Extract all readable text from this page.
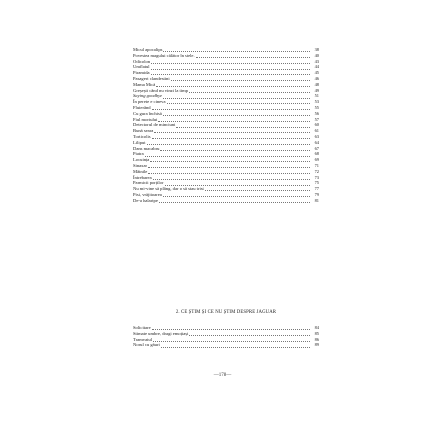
Micul apocalips	38
Povestea magului călător în stele.	40
Odicolon	43
Umflatul	44
Piramida	45
Pasageri clandestini	46
Mama Mică	48
Greșești când nu vinzi la timp	49
Saying goodbye	51
În perete e cineva	53
Fluierând	55
Cu gura închisă	56
Fiul mortului	57
Detectorul de minciuni	60
Bună seara	61
Torticolis	63
Liliput	64
Dans macabru	67
Piatra	68
Locuința	69
Sinaxar	71
Mâinile	72
Întrebarea	73
Parmicii porților	75
Nu mi-vine să plâng, dar o să stau trist	77
Pisi, vrăjitoarea	79
De-a halaripe	81
2. CE ȘTIM ȘI CE NU ȘTIM DESPRE JAGUAR
Solicitare	84
Stimate umbre, dragi emoțiași	85
Tramvaiul	86
Norul cu găuri	89
—178—
